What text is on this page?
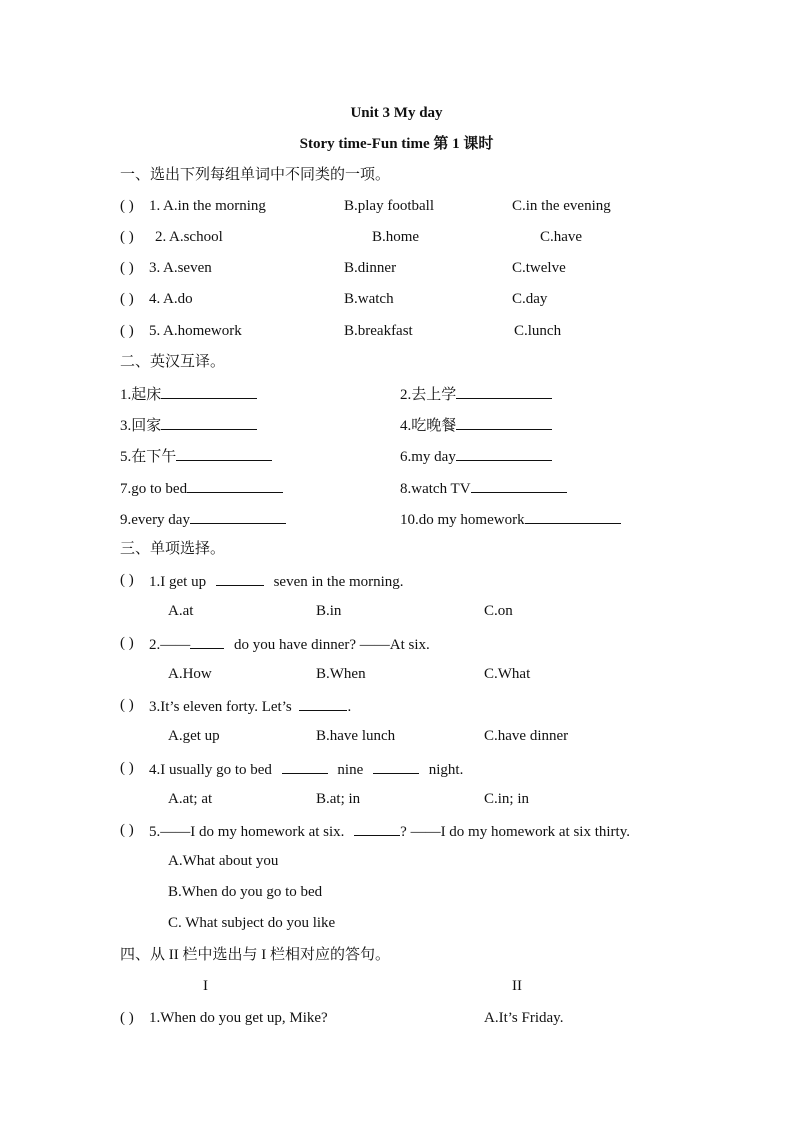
Unit 3 My day
Story time-Fun time 第 1 课时
一、选出下列每组单词中不同类的一项。
( ) 1. A.in the morning	B.play football	C.in the evening
( ) 2. A.school	B.home	C.have
( ) 3. A.seven	B.dinner	C.twelve
( ) 4. A.do	B.watch	C.day
( ) 5. A.homework	B.breakfast	C.lunch
二、英汉互译。
1.起床	2.去上学
3.回家	4.吃晚餐
5.在下午	6.my day
7.go to bed	8.watch TV
9.every day	10.do my homework
三、单项选择。
( ) 1.I get up	seven in the morning.
A.at	B.in	C.on
( ) 2.——	do you have dinner? ——At six.
A.How	B.When	C.What
( ) 3.It’s eleven forty. Let’s	.
A.get up	B.have lunch	C.have dinner
( ) 4.I usually go to bed	nine	night.
A.at; at	B.at; in	C.in; in
( ) 5.——I do my homework at six.	? ——I do my homework at six thirty.
A.What about you
B.When do you go to bed
C. What subject do you like
四、从 II 栏中选出与 I 栏相对应的答句。
I	II
( ) 1.When do you get up, Mike?	A.It’s Friday.
